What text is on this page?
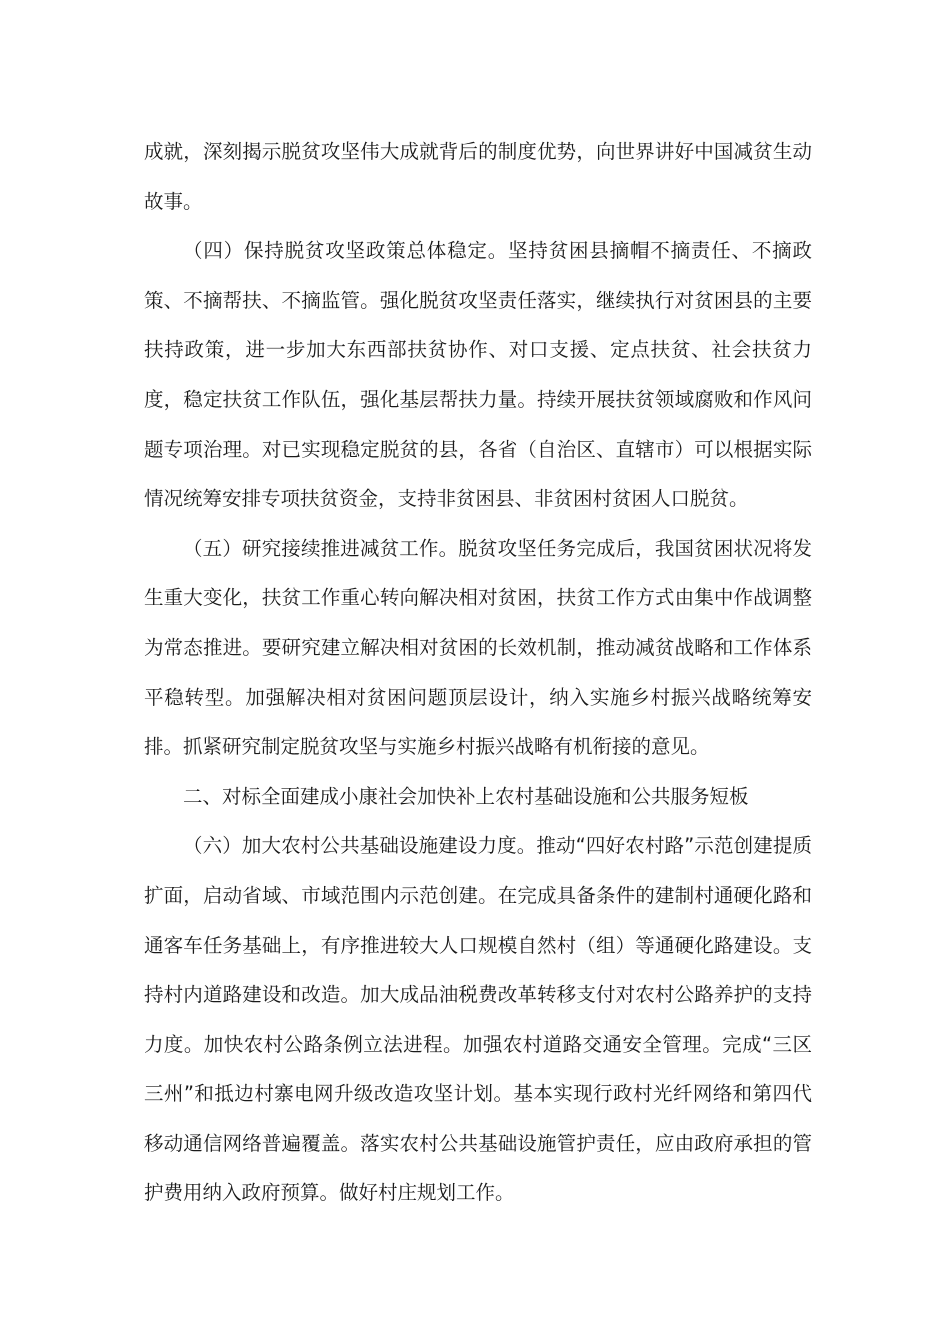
成就，深刻揭示脱贫攻坚伟大成就背后的制度优势，向世界讲好中国减贫生动故事。

（四）保持脱贫攻坚政策总体稳定。坚持贫困县摘帽不摘责任、不摘政策、不摘帮扶、不摘监管。强化脱贫攻坚责任落实，继续执行对贫困县的主要扶持政策，进一步加大东西部扶贫协作、对口支援、定点扶贫、社会扶贫力度，稳定扶贫工作队伍，强化基层帮扶力量。持续开展扶贫领域腐败和作风问题专项治理。对已实现稳定脱贫的县，各省（自治区、直辖市）可以根据实际情况统筹安排专项扶贫资金，支持非贫困县、非贫困村贫困人口脱贫。

（五）研究接续推进减贫工作。脱贫攻坚任务完成后，我国贫困状况将发生重大变化，扶贫工作重心转向解决相对贫困，扶贫工作方式由集中作战调整为常态推进。要研究建立解决相对贫困的长效机制，推动减贫战略和工作体系平稳转型。加强解决相对贫困问题顶层设计，纳入实施乡村振兴战略统筹安排。抓紧研究制定脱贫攻坚与实施乡村振兴战略有机衔接的意见。

二、对标全面建成小康社会加快补上农村基础设施和公共服务短板

（六）加大农村公共基础设施建设力度。推动“四好农村路”示范创建提质扩面，启动省域、市域范围内示范创建。在完成具备条件的建制村通硬化路和通客车任务基础上，有序推进较大人口规模自然村（组）等通硬化路建设。支持村内道路建设和改造。加大成品油税费改革转移支付对农村公路养护的支持力度。加快农村公路条例立法进程。加强农村道路交通安全管理。完成“三区三州”和抵边村寨电网升级改造攻坚计划。基本实现行政村光纤网络和第四代移动通信网络普遍覆盖。落实农村公共基础设施管护责任，应由政府承担的管护费用纳入政府预算。做好村庄规划工作。
